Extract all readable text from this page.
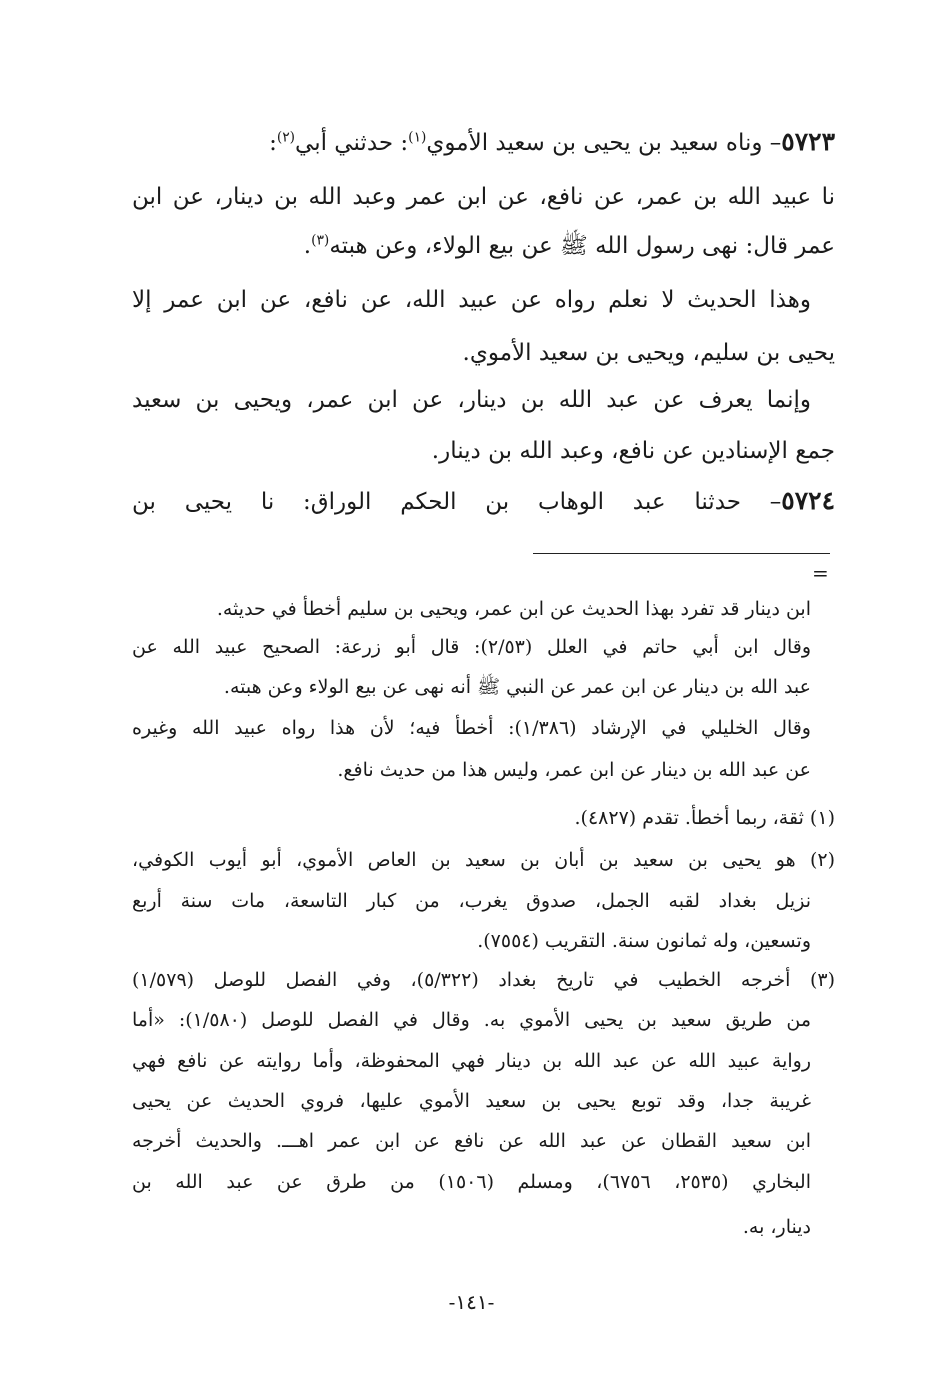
٥٧٢٣– وناه سعيد بن يحيى بن سعيد الأموي$^{(١)}$: حدثني أبي$^{(٢)}$:
نا عبيد الله بن عمر، عن نافع، عن ابن عمر وعبد الله بن دينار، عن ابن
عمر قال: نهى رسول الله ﷺ عن بيع الولاء، وعن هبته$^{(٣)}$.
وهذا الحديث لا نعلم رواه عن عبيد الله، عن نافع، عن ابن عمر إلا
يحيى بن سليم، ويحيى بن سعيد الأموي.
وإنما يعرف عن عبد الله بن دينار، عن ابن عمر، ويحيى بن سعيد
جمع الإسنادين عن نافع، وعبد الله بن دينار.
٥٧٢٤– حدثنا عبد الوهاب بن الحكم الوراق: نا يحيى بن
=
ابن دينار قد تفرد بهذا الحديث عن ابن عمر، ويحيى بن سليم أخطأ في حديثه.
وقال ابن أبي حاتم في العلل (٢/٥٣): قال أبو زرعة: الصحيح عبيد الله عن
عبد الله بن دينار عن ابن عمر عن النبي ﷺ أنه نهى عن بيع الولاء وعن هبته.
وقال الخليلي في الإرشاد (١/٣٨٦): أخطأ فيه؛ لأن هذا رواه عبيد الله وغيره
عن عبد الله بن دينار عن ابن عمر، وليس هذا من حديث نافع.
(١) ثقة، ربما أخطأ. تقدم (٤٨٢٧).
(٢) هو يحيى بن سعيد بن أبان بن سعيد بن العاص الأموي، أبو أيوب الكوفي،
نزيل بغداد لقبه الجمل، صدوق يغرب، من كبار التاسعة، مات سنة أربع
وتسعين، وله ثمانون سنة. التقريب (٧٥٥٤).
(٣) أخرجه الخطيب في تاريخ بغداد (٥/٣٢٢)، وفي الفصل للوصل (١/٥٧٩)
من طريق سعيد بن يحيى الأموي به. وقال في الفصل للوصل (١/٥٨٠): «أما
رواية عبيد الله عن عبد الله بن دينار فهي المحفوظة، وأما روايته عن نافع فهي
غريبة جدا، وقد توبع يحيى بن سعيد الأموي عليها، فروي الحديث عن يحيى
ابن سعيد القطان عن عبد الله عن نافع عن ابن عمر اهـــ. والحديث أخرجه
البخاري (٢٥٣٥، ٦٧٥٦)، ومسلم (١٥٠٦) من طرق عن عبد الله بن
دينار، به.
-١٤١-
